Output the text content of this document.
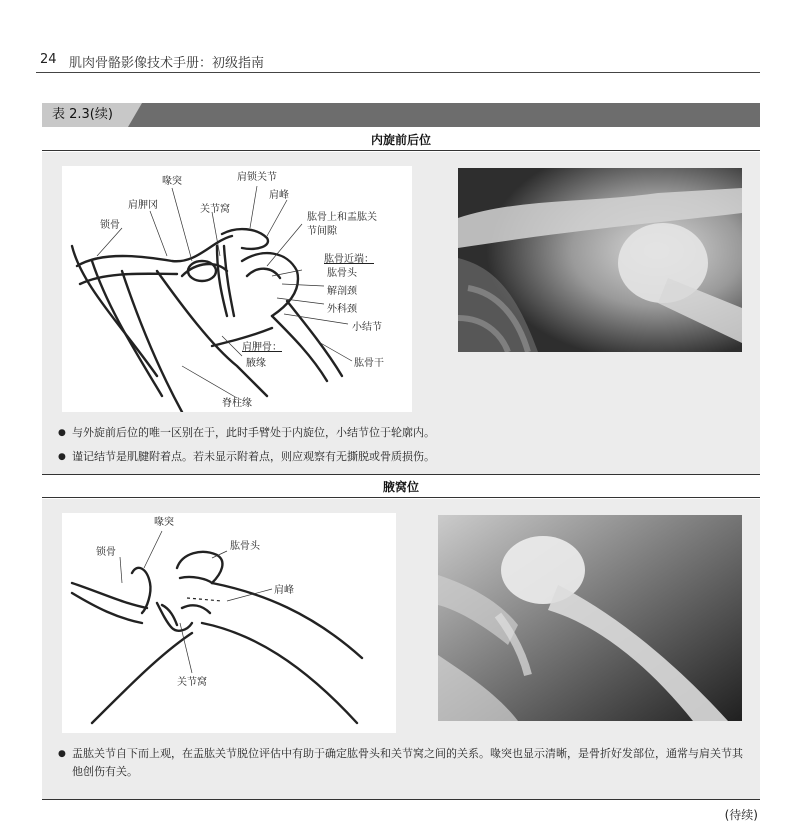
24 肌肉骨骼影像技术手册：初级指南
表 2.3(续)
内旋前后位
肩锁关节
喙突
肩胛冈	关节窝
肩峰
锁骨
肱骨上和盂肱关
节间隙
肱骨近端：
肱骨头
解剖颈
外科颈
小结节
肩胛骨：
腋缘	肱骨干
脊柱缘
● 与外旋前后位的唯一区别在于，此时手臂处于内旋位，小结节位于轮廓内。
● 谨记结节是肌腱附着点。若未显示附着点，则应观察有无撕脱或骨质损伤。
腋窝位
喙突
肱骨头
锁骨
肩峰
关节窝
● 盂肱关节自下而上观，在盂肱关节脱位评估中有助于确定肱骨头和关节窝之间的关系。喙突也显示清晰，是骨折好发部位，通常与肩关节其他创伤有关。
(待续)
